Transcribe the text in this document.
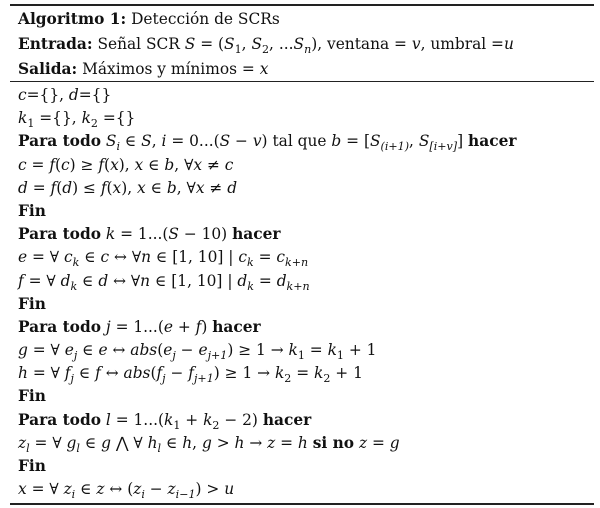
Algoritmo 1: Detección de SCRs
Entrada: Señal SCR $S = (S_1$, $S_2$, $...S_n$), ventana = v, umbral =u
Salida: Máximos y mínimos = x
c={}, d={}
$k_1$ ={}, $k_2$ ={}
Para todo $S_i$ ∈ S, i = 0...(S − v) tal que $b = [S_{(i+1)}$, $S_{[i+v]}$] hacer
c = f(c) ≥ f(x), x ∈ b, ∀x ≠ c
d = f(d) ≤ f(x), x ∈ b, ∀x ≠ d
Fin
Para todo k = 1...(S − 10) hacer
e = ∀ $c_k$ ∈ c ↔ ∀n ∈ [1, 10] | $c_k = c_{k+n}$
f = ∀ $d_k$ ∈ d ↔ ∀n ∈ [1, 10] | $d_k = d_{k+n}$
Fin
Para todo j = 1...(e + f) hacer
g = ∀ $e_j$ ∈ e ↔ $abs(e_j - e_{j+1}) \ge 1 \to k_1 = k_1 + 1$
h = ∀ $f_j$ ∈ f ↔ $abs(f_j - f_{j+1}) \ge 1 \to k_2 = k_2 + 1$
Fin
Para todo $l = 1...(k_1 + k_2 - 2)$ hacer
$z_l$ = ∀ $g_l$ ∈ g ⋀ ∀ $h_l$ ∈ h, g > h → z = h si no z = g
Fin
x = ∀ $z_i$ ∈ z ↔ $(z_i - z_{i-1}) > u$
